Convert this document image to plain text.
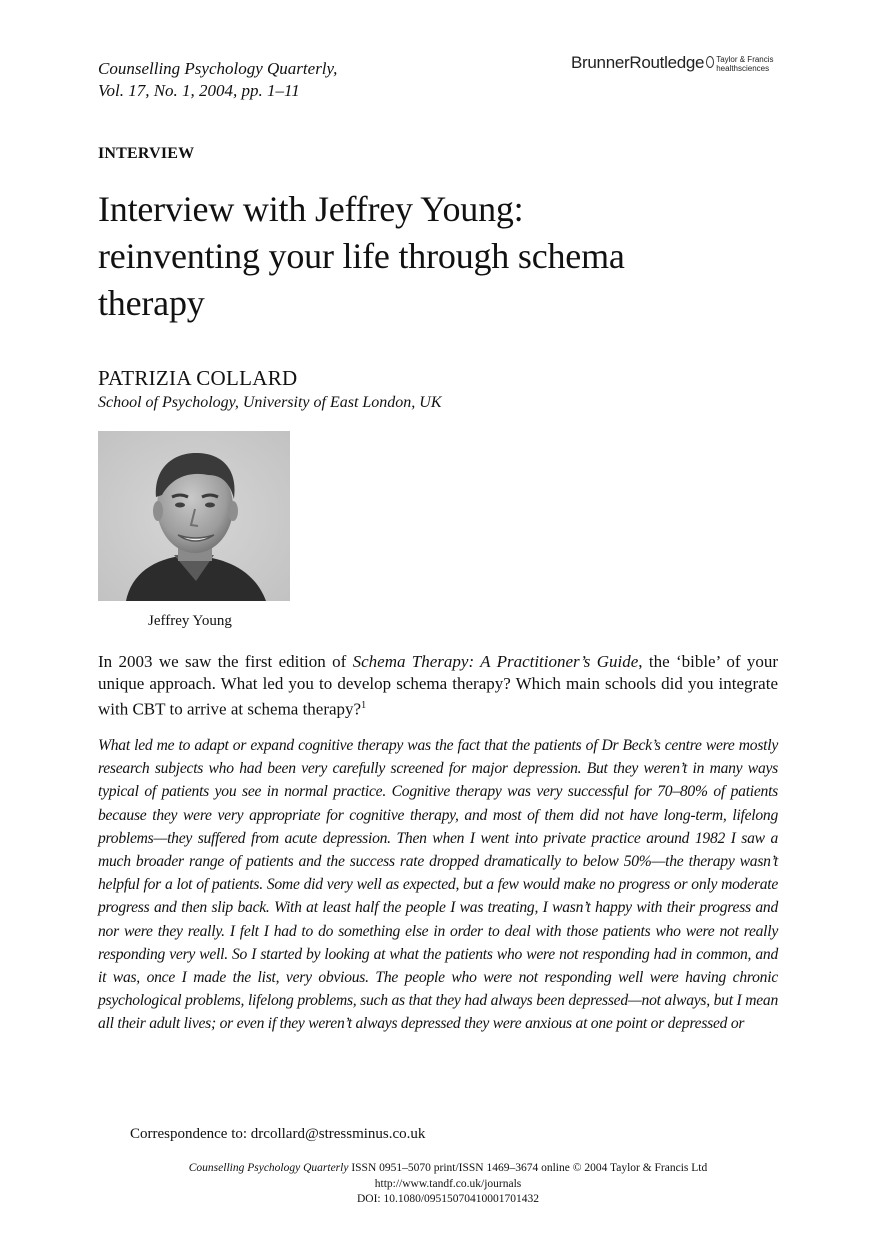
Counselling Psychology Quarterly,
Vol. 17, No. 1, 2004, pp. 1–11
BrunnerRoutledge Taylor & Francis
healthsciences
INTERVIEW
Interview with Jeffrey Young:
reinventing your life through schema
therapy
PATRIZIA COLLARD
School of Psychology, University of East London, UK
Jeffrey Young

In 2003 we saw the first edition of Schema Therapy: A Practitioner’s Guide, the ‘bible’ of your unique approach. What led you to develop schema therapy? Which main schools did you integrate with CBT to arrive at schema therapy?$^1$

What led me to adapt or expand cognitive therapy was the fact that the patients of Dr Beck’s centre were mostly research subjects who had been very carefully screened for major depression. But they weren’t in many ways typical of patients you see in normal practice. Cognitive therapy was very successful for 70–80% of patients because they were very appropriate for cognitive therapy, and most of them did not have long-term, lifelong problems—they suffered from acute depression. Then when I went into private practice around 1982 I saw a much broader range of patients and the success rate dropped dramatically to below 50%—the therapy wasn’t helpful for a lot of patients. Some did very well as expected, but a few would make no progress or only moderate progress and then slip back. With at least half the people I was treating, I wasn’t happy with their progress and nor were they really. I felt I had to do something else in order to deal with those patients who were not really responding very well. So I started by looking at what the patients who were not responding had in common, and it was, once I made the list, very obvious. The people who were not responding well were having chronic psychological problems, lifelong problems, such as that they had always been depressed—not always, but I mean all their adult lives; or even if they weren’t always depressed they were anxious at one point or depressed or

Correspondence to: drcollard@stressminus.co.uk
Counselling Psychology Quarterly ISSN 0951–5070 print/ISSN 1469–3674 online © 2004 Taylor & Francis Ltd
http://www.tandf.co.uk/journals
DOI: 10.1080/09515070410001701432
